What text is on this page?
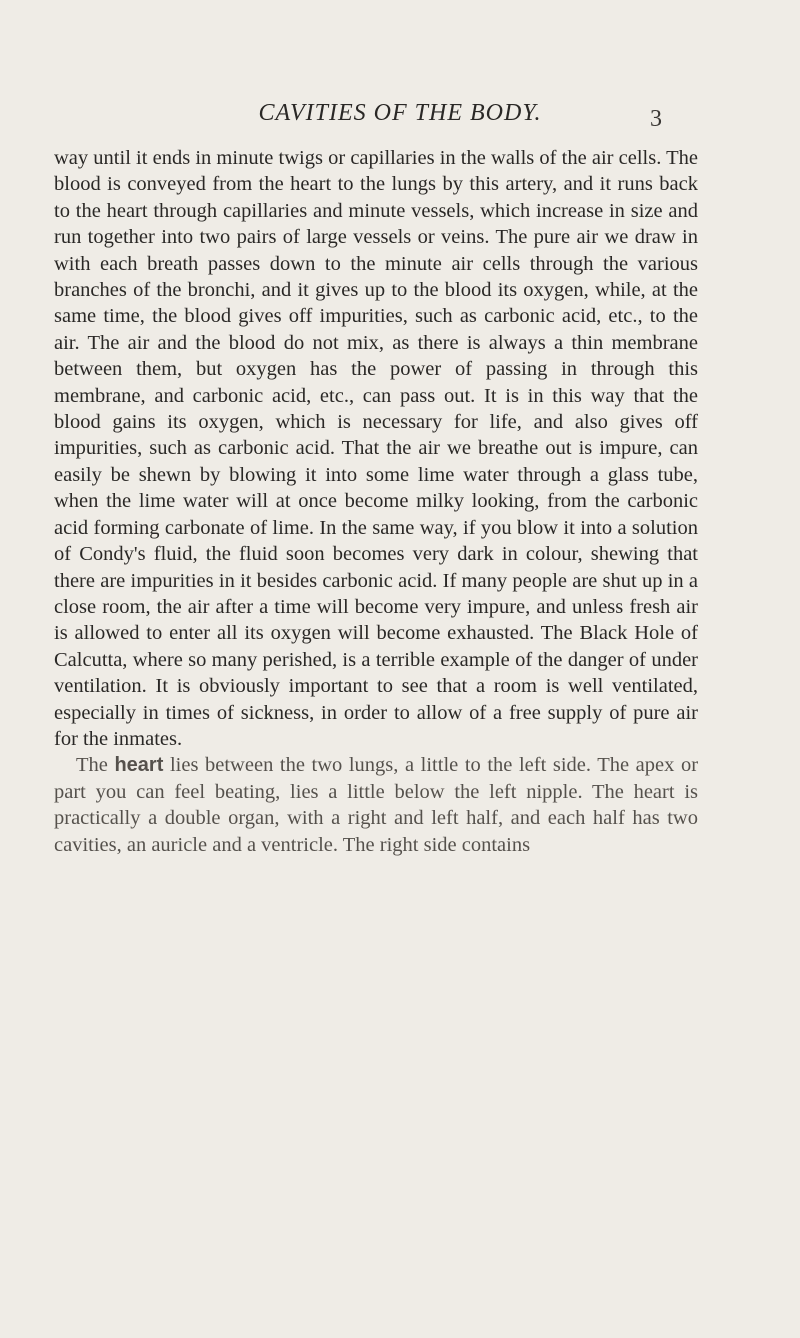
CAVITIES OF THE BODY.	3

way until it ends in minute twigs or capillaries in the walls of the air cells. The blood is conveyed from the heart to the lungs by this artery, and it runs back to the heart through capillaries and minute vessels, which increase in size and run together into two pairs of large vessels or veins. The pure air we draw in with each breath passes down to the minute air cells through the various branches of the bronchi, and it gives up to the blood its oxygen, while, at the same time, the blood gives off impurities, such as carbonic acid, etc., to the air. The air and the blood do not mix, as there is always a thin membrane between them, but oxygen has the power of passing in through this membrane, and carbonic acid, etc., can pass out. It is in this way that the blood gains its oxygen, which is necessary for life, and also gives off impurities, such as carbonic acid. That the air we breathe out is impure, can easily be shewn by blowing it into some lime water through a glass tube, when the lime water will at once become milky looking, from the carbonic acid forming carbonate of lime. In the same way, if you blow it into a solution of Condy's fluid, the fluid soon becomes very dark in colour, shewing that there are impurities in it besides carbonic acid. If many people are shut up in a close room, the air after a time will become very impure, and unless fresh air is allowed to enter all its oxygen will become exhausted. The Black Hole of Calcutta, where so many perished, is a terrible example of the danger of under ventilation. It is obviously important to see that a room is well ventilated, especially in times of sickness, in order to allow of a free supply of pure air for the inmates.

The heart lies between the two lungs, a little to the left side. The apex or part you can feel beating, lies a little below the left nipple. The heart is practically a double organ, with a right and left half, and each half has two cavities, an auricle and a ventricle. The right side contains
